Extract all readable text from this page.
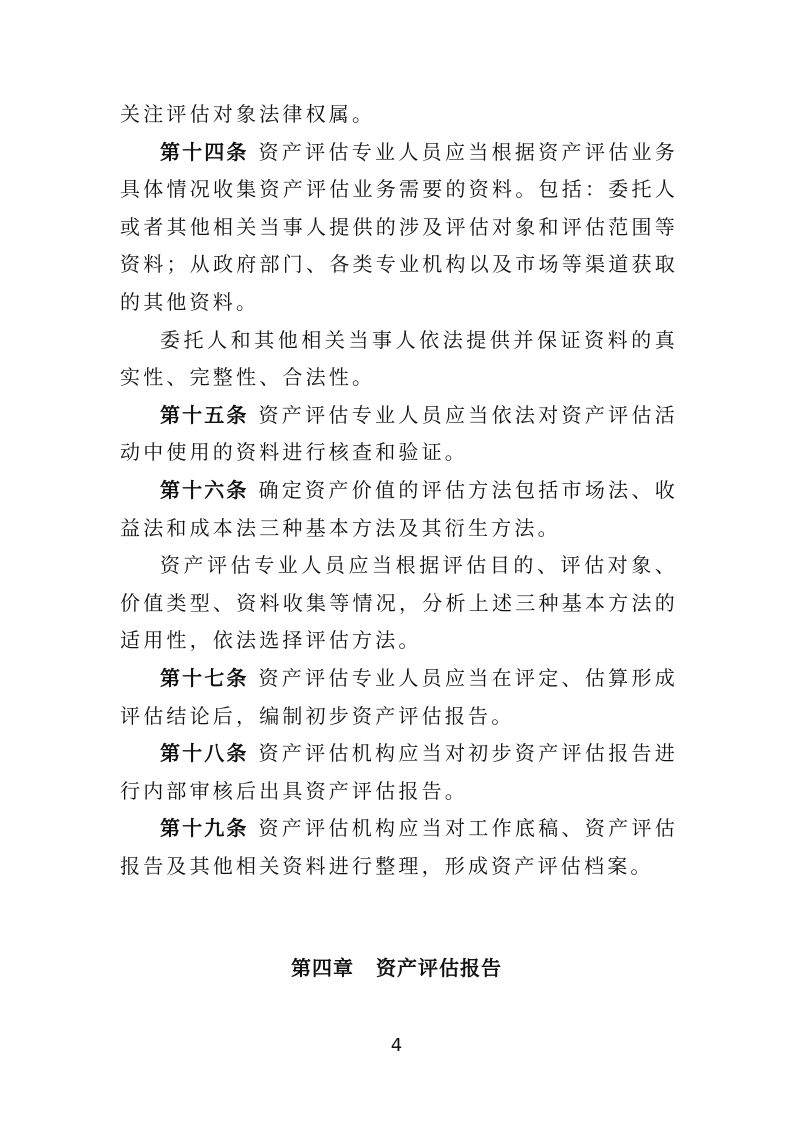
关注评估对象法律权属。

第十四条 资产评估专业人员应当根据资产评估业务具体情况收集资产评估业务需要的资料。包括：委托人或者其他相关当事人提供的涉及评估对象和评估范围等资料；从政府部门、各类专业机构以及市场等渠道获取的其他资料。

委托人和其他相关当事人依法提供并保证资料的真实性、完整性、合法性。

第十五条 资产评估专业人员应当依法对资产评估活动中使用的资料进行核查和验证。

第十六条 确定资产价值的评估方法包括市场法、收益法和成本法三种基本方法及其衍生方法。

资产评估专业人员应当根据评估目的、评估对象、价值类型、资料收集等情况，分析上述三种基本方法的适用性，依法选择评估方法。

第十七条 资产评估专业人员应当在评定、估算形成评估结论后，编制初步资产评估报告。

第十八条 资产评估机构应当对初步资产评估报告进行内部审核后出具资产评估报告。

第十九条 资产评估机构应当对工作底稿、资产评估报告及其他相关资料进行整理，形成资产评估档案。

第四章 资产评估报告
4
